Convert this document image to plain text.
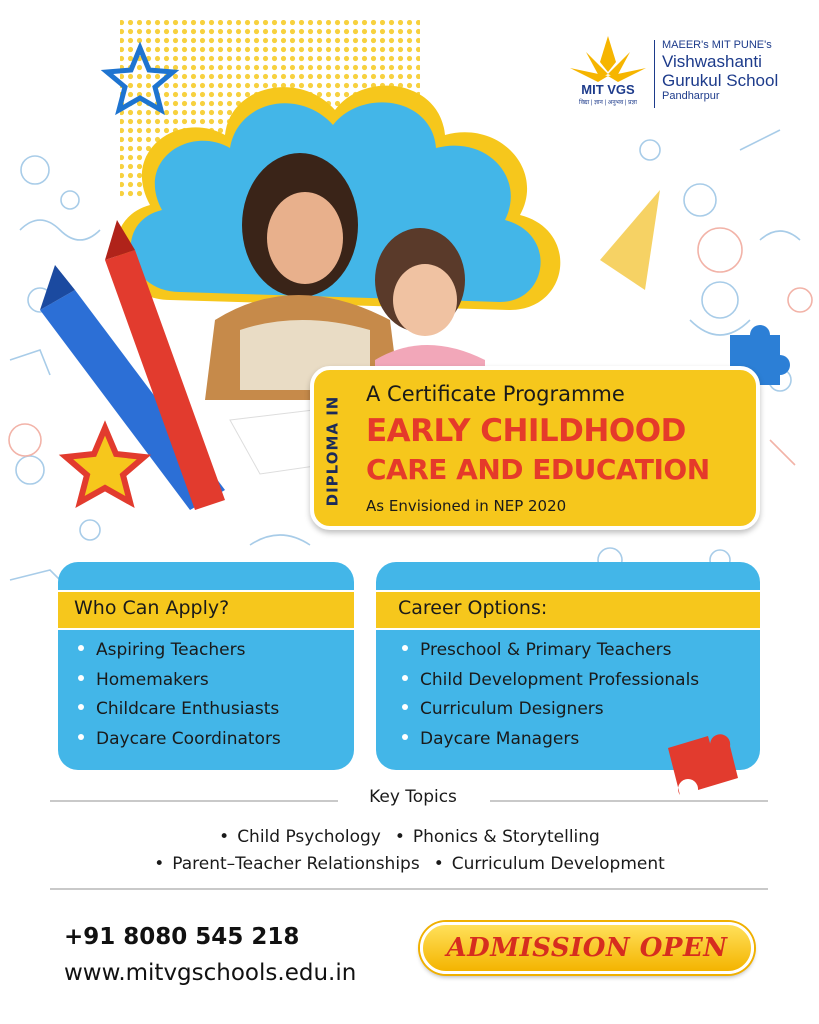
MIT VGS
विद्या | ज्ञान | अनुभव | प्रज्ञा
MAEER's MIT PUNE's
Vishwashanti
Gurukul School
Pandharpur
DIPLOMA IN
A Certificate Programme
EARLY CHILDHOOD
CARE AND EDUCATION
As Envisioned in NEP 2020
Who Can Apply?
Aspiring Teachers
Homemakers
Childcare Enthusiasts
Daycare Coordinators
Career Options:
Preschool & Primary Teachers
Child Development Professionals
Curriculum Designers
Daycare Managers
Key Topics
• Child Psychology • Phonics & Storytelling
• Parent–Teacher Relationships • Curriculum Development
+91 8080 545 218
www.mitvgschools.edu.in
ADMISSION OPEN
